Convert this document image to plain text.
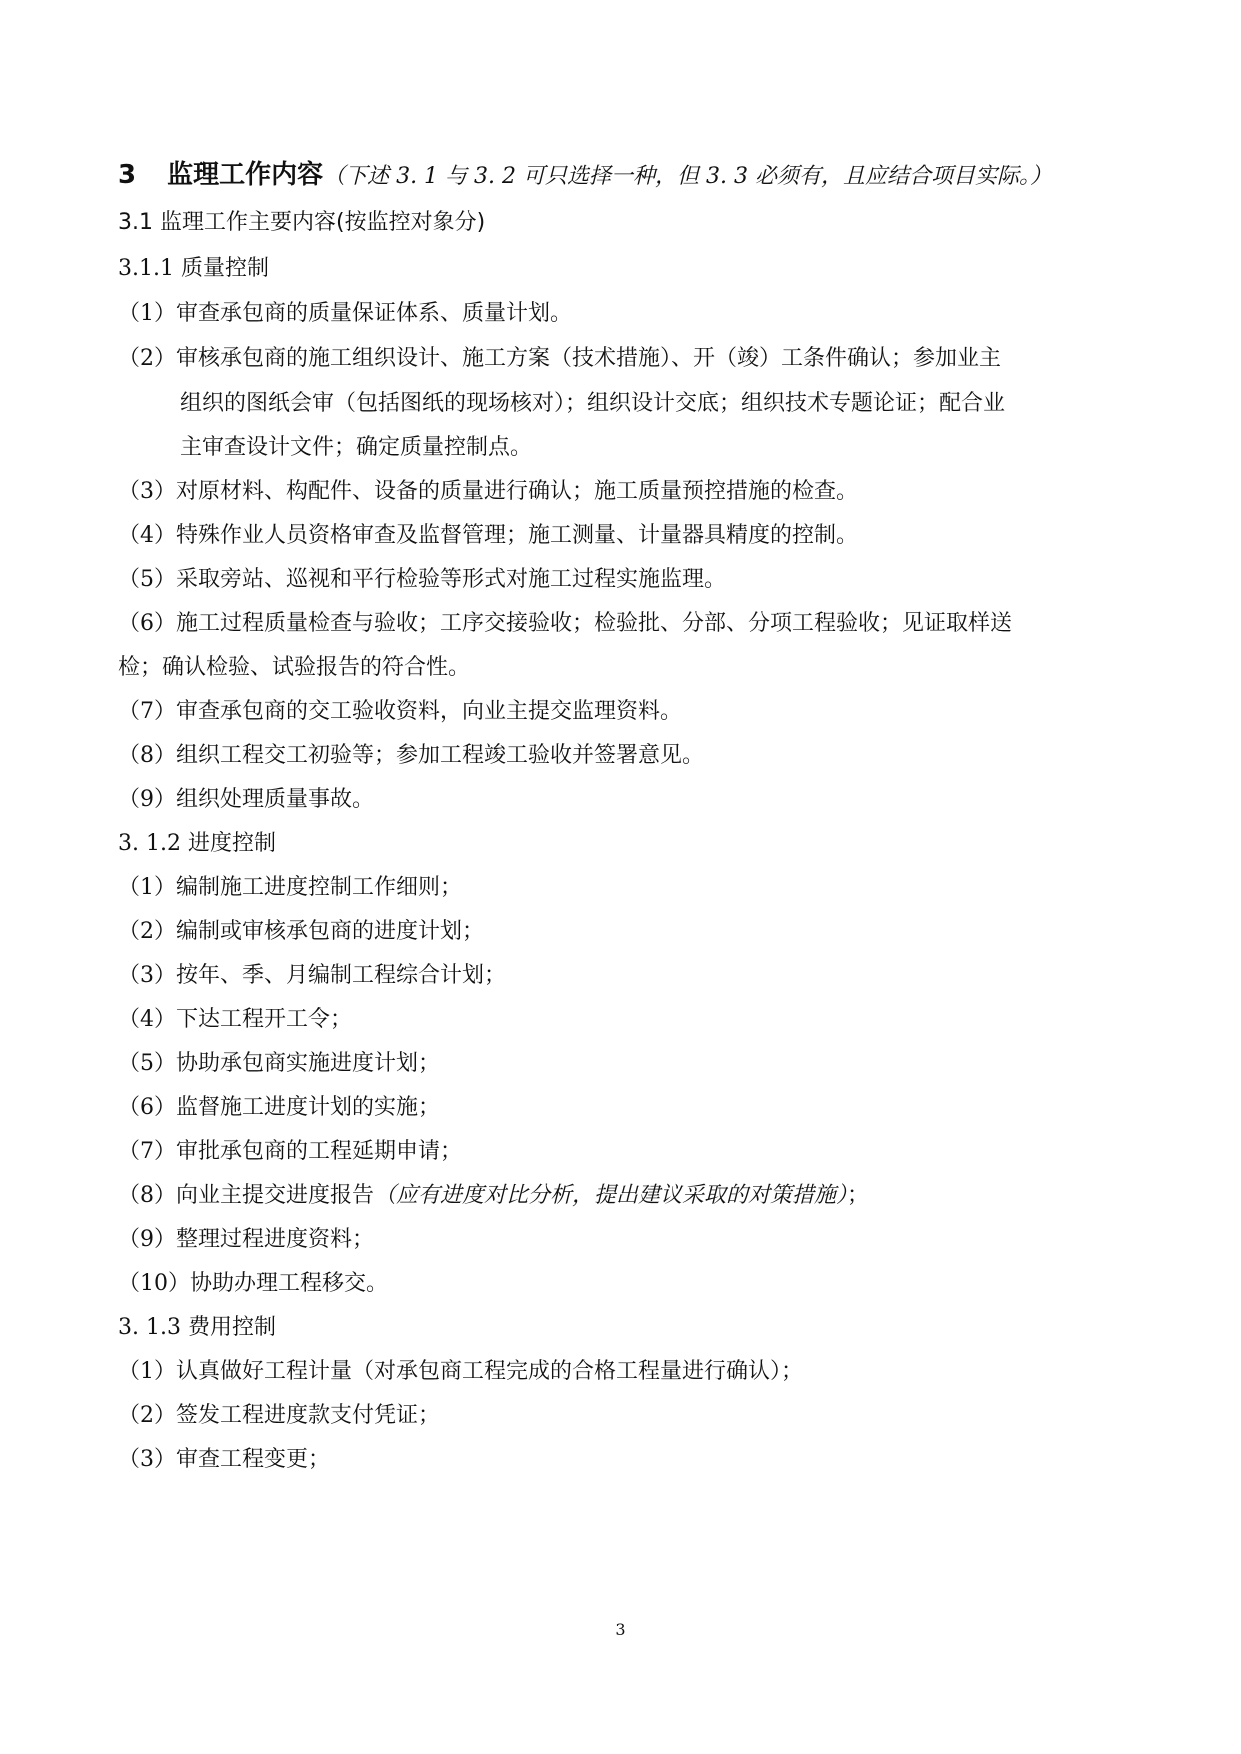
3 监理工作内容（下述 3. 1 与 3. 2 可只选择一种，但 3. 3 必须有，且应结合项目实际。）
3.1 监理工作主要内容(按监控对象分)
3.1.1 质量控制
（1）审查承包商的质量保证体系、质量计划。
（2）审核承包商的施工组织设计、施工方案（技术措施）、开（竣）工条件确认；参加业主
组织的图纸会审（包括图纸的现场核对）；组织设计交底；组织技术专题论证；配合业
主审查设计文件；确定质量控制点。
（3）对原材料、构配件、设备的质量进行确认；施工质量预控措施的检查。
（4）特殊作业人员资格审查及监督管理；施工测量、计量器具精度的控制。
（5）采取旁站、巡视和平行检验等形式对施工过程实施监理。
（6）施工过程质量检查与验收；工序交接验收；检验批、分部、分项工程验收；见证取样送
检；确认检验、试验报告的符合性。
（7）审查承包商的交工验收资料，向业主提交监理资料。
（8）组织工程交工初验等；参加工程竣工验收并签署意见。
（9）组织处理质量事故。
3. 1.2 进度控制
（1）编制施工进度控制工作细则；
（2）编制或审核承包商的进度计划；
（3）按年、季、月编制工程综合计划；
（4）下达工程开工令；
（5）协助承包商实施进度计划；
（6）监督施工进度计划的实施；
（7）审批承包商的工程延期申请；
（8）向业主提交进度报告（应有进度对比分析，提出建议采取的对策措施）；
（9）整理过程进度资料；
（10）协助办理工程移交。
3. 1.3 费用控制
（1）认真做好工程计量（对承包商工程完成的合格工程量进行确认）；
（2）签发工程进度款支付凭证；
（3）审查工程变更；
3
